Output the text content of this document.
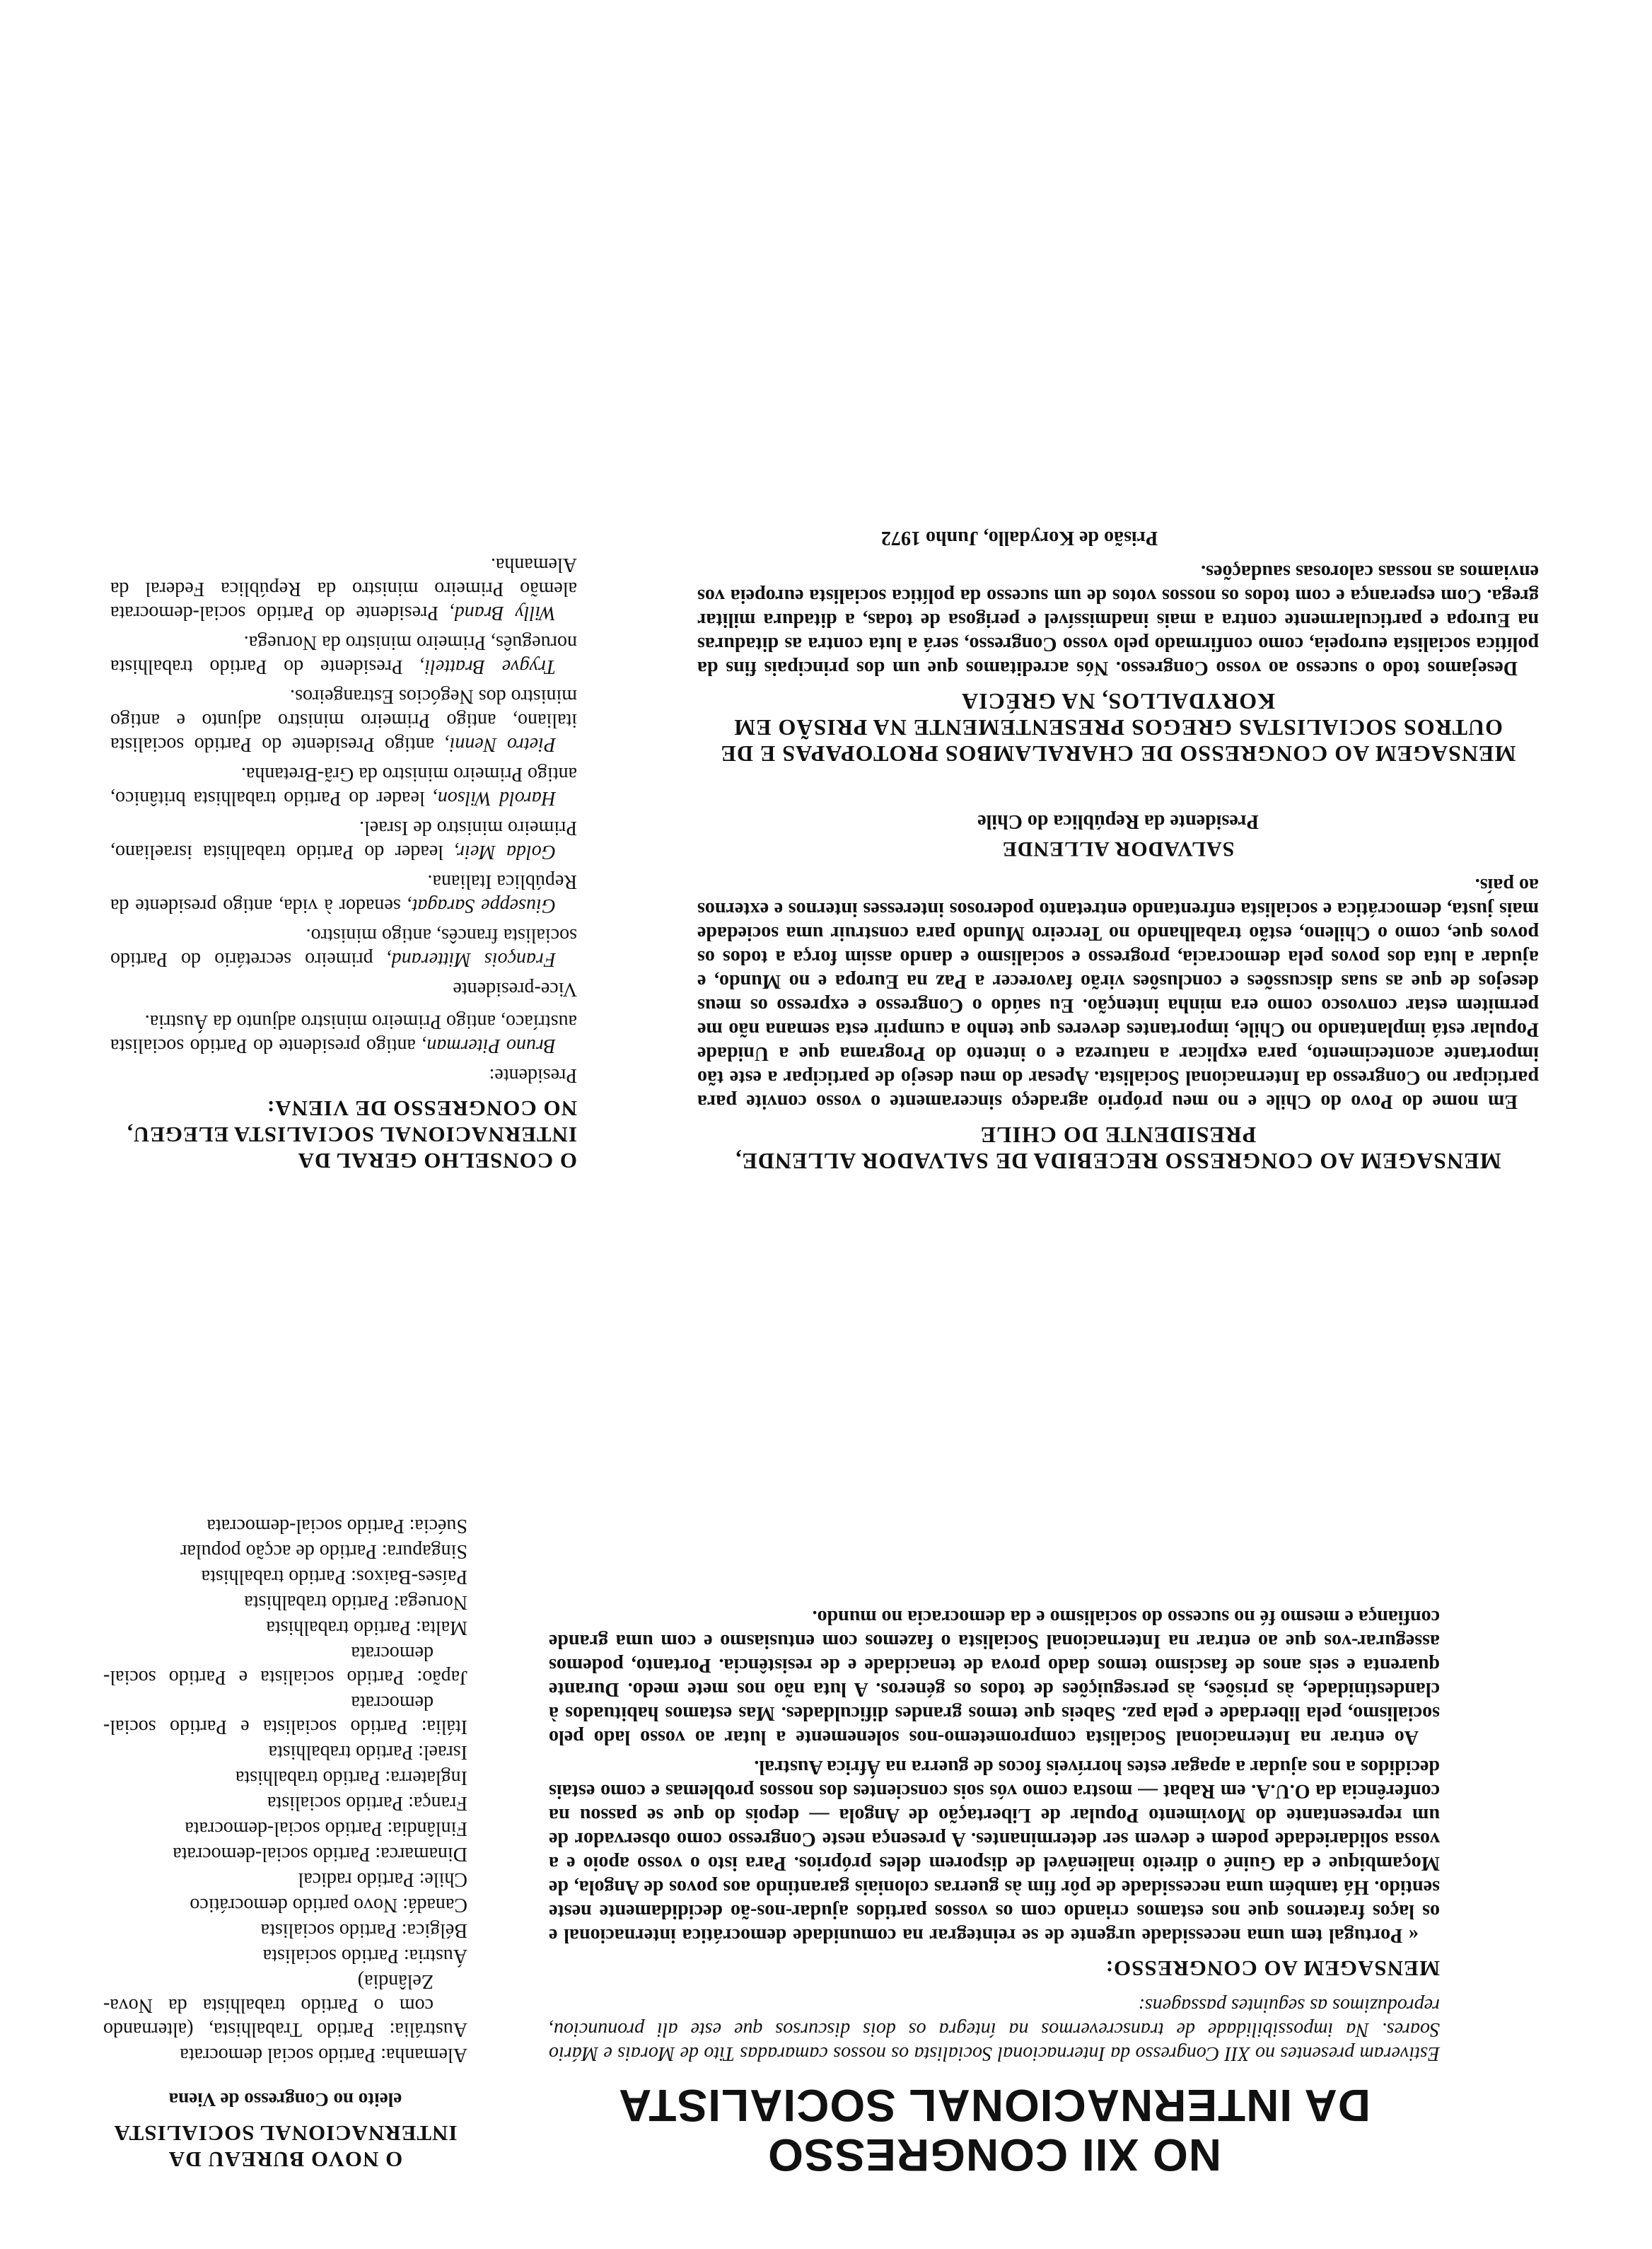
O NOVO BUREAU DA INTERNACIONAL SOCIALISTA

eleito no Congresso de Viena

Alemanha: Partido social democrata

Austrália: Partido Trabalhista, (alternando com o Partido trabalhista da Nova-Zelândia)

Áustria: Partido socialista

Bélgica: Partido socialista

Canadá: Novo partido democrático

Chile: Partido radical

Dinamarca: Partido social-democrata

Finlândia: Partido social-democrata

França: Partido socialista

Inglaterra: Partido trabalhista

Israel: Partido trabalhista

Itália: Partido socialista e Partido social-democrata

Japão: Partido socialista e Partido social-democrata

Malta: Partido trabalhista

Noruega: Partido trabalhista

Países-Baixos: Partido trabalhista

Singapura: Partido de acção popular

Suécia: Partido social-democrata

NO XII CONGRESSO
DA INTERNACIONAL SOCIALISTA

Estiveram presentes no XII Congresso da Internacional Socialista os nossos camaradas Tito de Morais e Mário Soares. Na impossibilidade de transcrevermos na íntegra os dois discursos que este ali pronunciou, reproduzimos as seguintes passagens:

MENSAGEM AO CONGRESSO:

« Portugal tem uma necessidade urgente de se reintegrar na comunidade democrática internacional e os laços fraternos que nos estamos criando com os vossos partidos ajudar-nos-ão decididamente neste sentido. Há também uma necessidade de pôr fim às guerras coloniais garantindo aos povos de Angola, de Moçambique e da Guiné o direito inalienável de disporem deles próprios. Para isto o vosso apoio e a vossa solidariedade podem e devem ser determinantes. A presença neste Congresso como observador de um representante do Movimento Popular de Libertação de Angola — depois do que se passou na conferência da O.U.A. em Rabat — mostra como vós sois conscientes dos nossos problemas e como estais decididos a nos ajudar a apagar estes horríveis focos de guerra na África Austral.

Ao entrar na Internacional Socialista comprometemo-nos solenemente a lutar ao vosso lado pelo socialismo, pela liberdade e pela paz. Sabeis que temos grandes dificuldades. Mas estamos habituados à clandestinidade, às prisões, às perseguições de todos os géneros. A luta não nos mete medo. Durante quarenta e seis anos de fascismo temos dado prova de tenacidade e de resistência. Portanto, podemos assegurar-vos que ao entrar na Internacional Socialista o fazemos com entusiasmo e com uma grande confiança e mesmo fé no sucesso do socialismo e da democracia no mundo.

MENSAGEM AO CONGRESSO RECEBIDA DE SALVADOR ALLENDE, PRESIDENTE DO CHILE

Em nome do Povo do Chile e no meu próprio agradeço sinceramente o vosso convite para participar no Congresso da Internacional Socialista. Apesar do meu desejo de participar a este tão importante acontecimento, para explicar a natureza e o intento do Programa que a Unidade Popular está implantando no Chile, importantes deveres que tenho a cumprir esta semana não me permitem estar convosco como era minha intenção. Eu saúdo o Congresso e expresso os meus desejos de que as suas discussões e conclusões virão favorecer a Paz na Europa e no Mundo, e ajudar a luta dos povos pela democracia, progresso e socialismo e dando assim força a todos os povos que, como o Chileno, estão trabalhando no Terceiro Mundo para construir uma sociedade mais justa, democrática e socialista enfrentando entretanto poderosos interesses internos e externos ao país.

SALVADOR ALLENDE

Presidente da República do Chile

MENSAGEM AO CONGRESSO DE CHARALAMBOS PROTOPAPAS E DE OUTROS SOCIALISTAS GREGOS PRESENTEMENTE NA PRISÃO EM KORYDALLOS, NA GRÉCIA

Desejamos todo o sucesso ao vosso Congresso. Nós acreditamos que um dos principais fins da política socialista europeia, como confirmado pelo vosso Congresso, será a luta contra as ditaduras na Europa e particularmente contra a mais inadmissível e perigosa de todas, a ditadura militar grega. Com esperança e com todos os nossos votos de um sucesso da política socialista europeia vos enviamos as nossas calorosas saudações.

Prisão de Korydallo, Junho 1972

O CONSELHO GERAL DA INTERNACIONAL SOCIALISTA ELEGEU, NO CONGRESSO DE VIENA:

Presidente:

Bruno Piterman, antigo presidente do Partido socialista austríaco, antigo Primeiro ministro adjunto da Áustria.

Vice-presidente

François Mitterand, primeiro secretário do Partido socialista francês, antigo ministro.

Giuseppe Saragat, senador à vida, antigo presidente da República Italiana.

Golda Meir, leader do Partido trabalhista israeliano, Primeiro ministro de Israel.

Harold Wilson, leader do Partido trabalhista britânico, antigo Primeiro ministro da Grã-Bretanha.

Pietro Nenni, antigo Presidente do Partido socialista italiano, antigo Primeiro ministro adjunto e antigo ministro dos Negócios Estrangeiros.

Trygve Bratteli, Presidente do Partido trabalhista norueguês, Primeiro ministro da Noruega.

Willy Brand, Presidente do Partido social-democrata alemão Primeiro ministro da República Federal da Alemanha.
